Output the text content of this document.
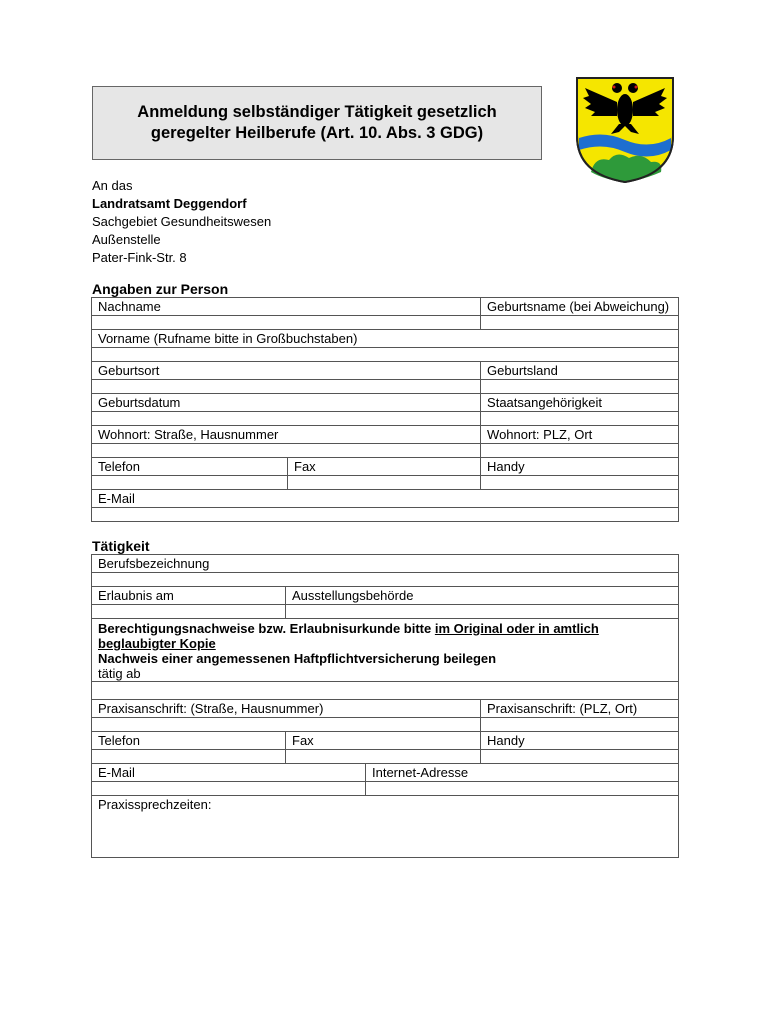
Anmeldung selbständiger Tätigkeit gesetzlich
geregelter Heilberufe (Art. 10. Abs. 3 GDG)
An das
Landratsamt Deggendorf
Sachgebiet Gesundheitswesen
Außenstelle
Pater-Fink-Str. 8
Angaben zur Person
Nachname		Geburtsname (bei Abweichung)

Vorname (Rufname bitte in Großbuchstaben)		

Geburtsort		Geburtsland

Geburtsdatum		Staatsangehörigkeit

Wohnort: Straße, Hausnummer		Wohnort: PLZ, Ort

Telefon	Fax	Handy

E-Mail		

Tätigkeit
Berufsbezeichnung			

Erlaubnis am	Ausstellungsbehörde		

Berechtigungsnachweise bzw. Erlaubnisurkunde bitte im Original oder in amtlich
beglaubigter Kopie
Nachweis einer angemessenen Haftpflichtversicherung beilegen
tätig ab			

Praxisanschrift: (Straße, Hausnummer)			Praxisanschrift: (PLZ, Ort)

Telefon	Fax		Handy

E-Mail		Internet-Adresse	

Praxissprechzeiten:			
